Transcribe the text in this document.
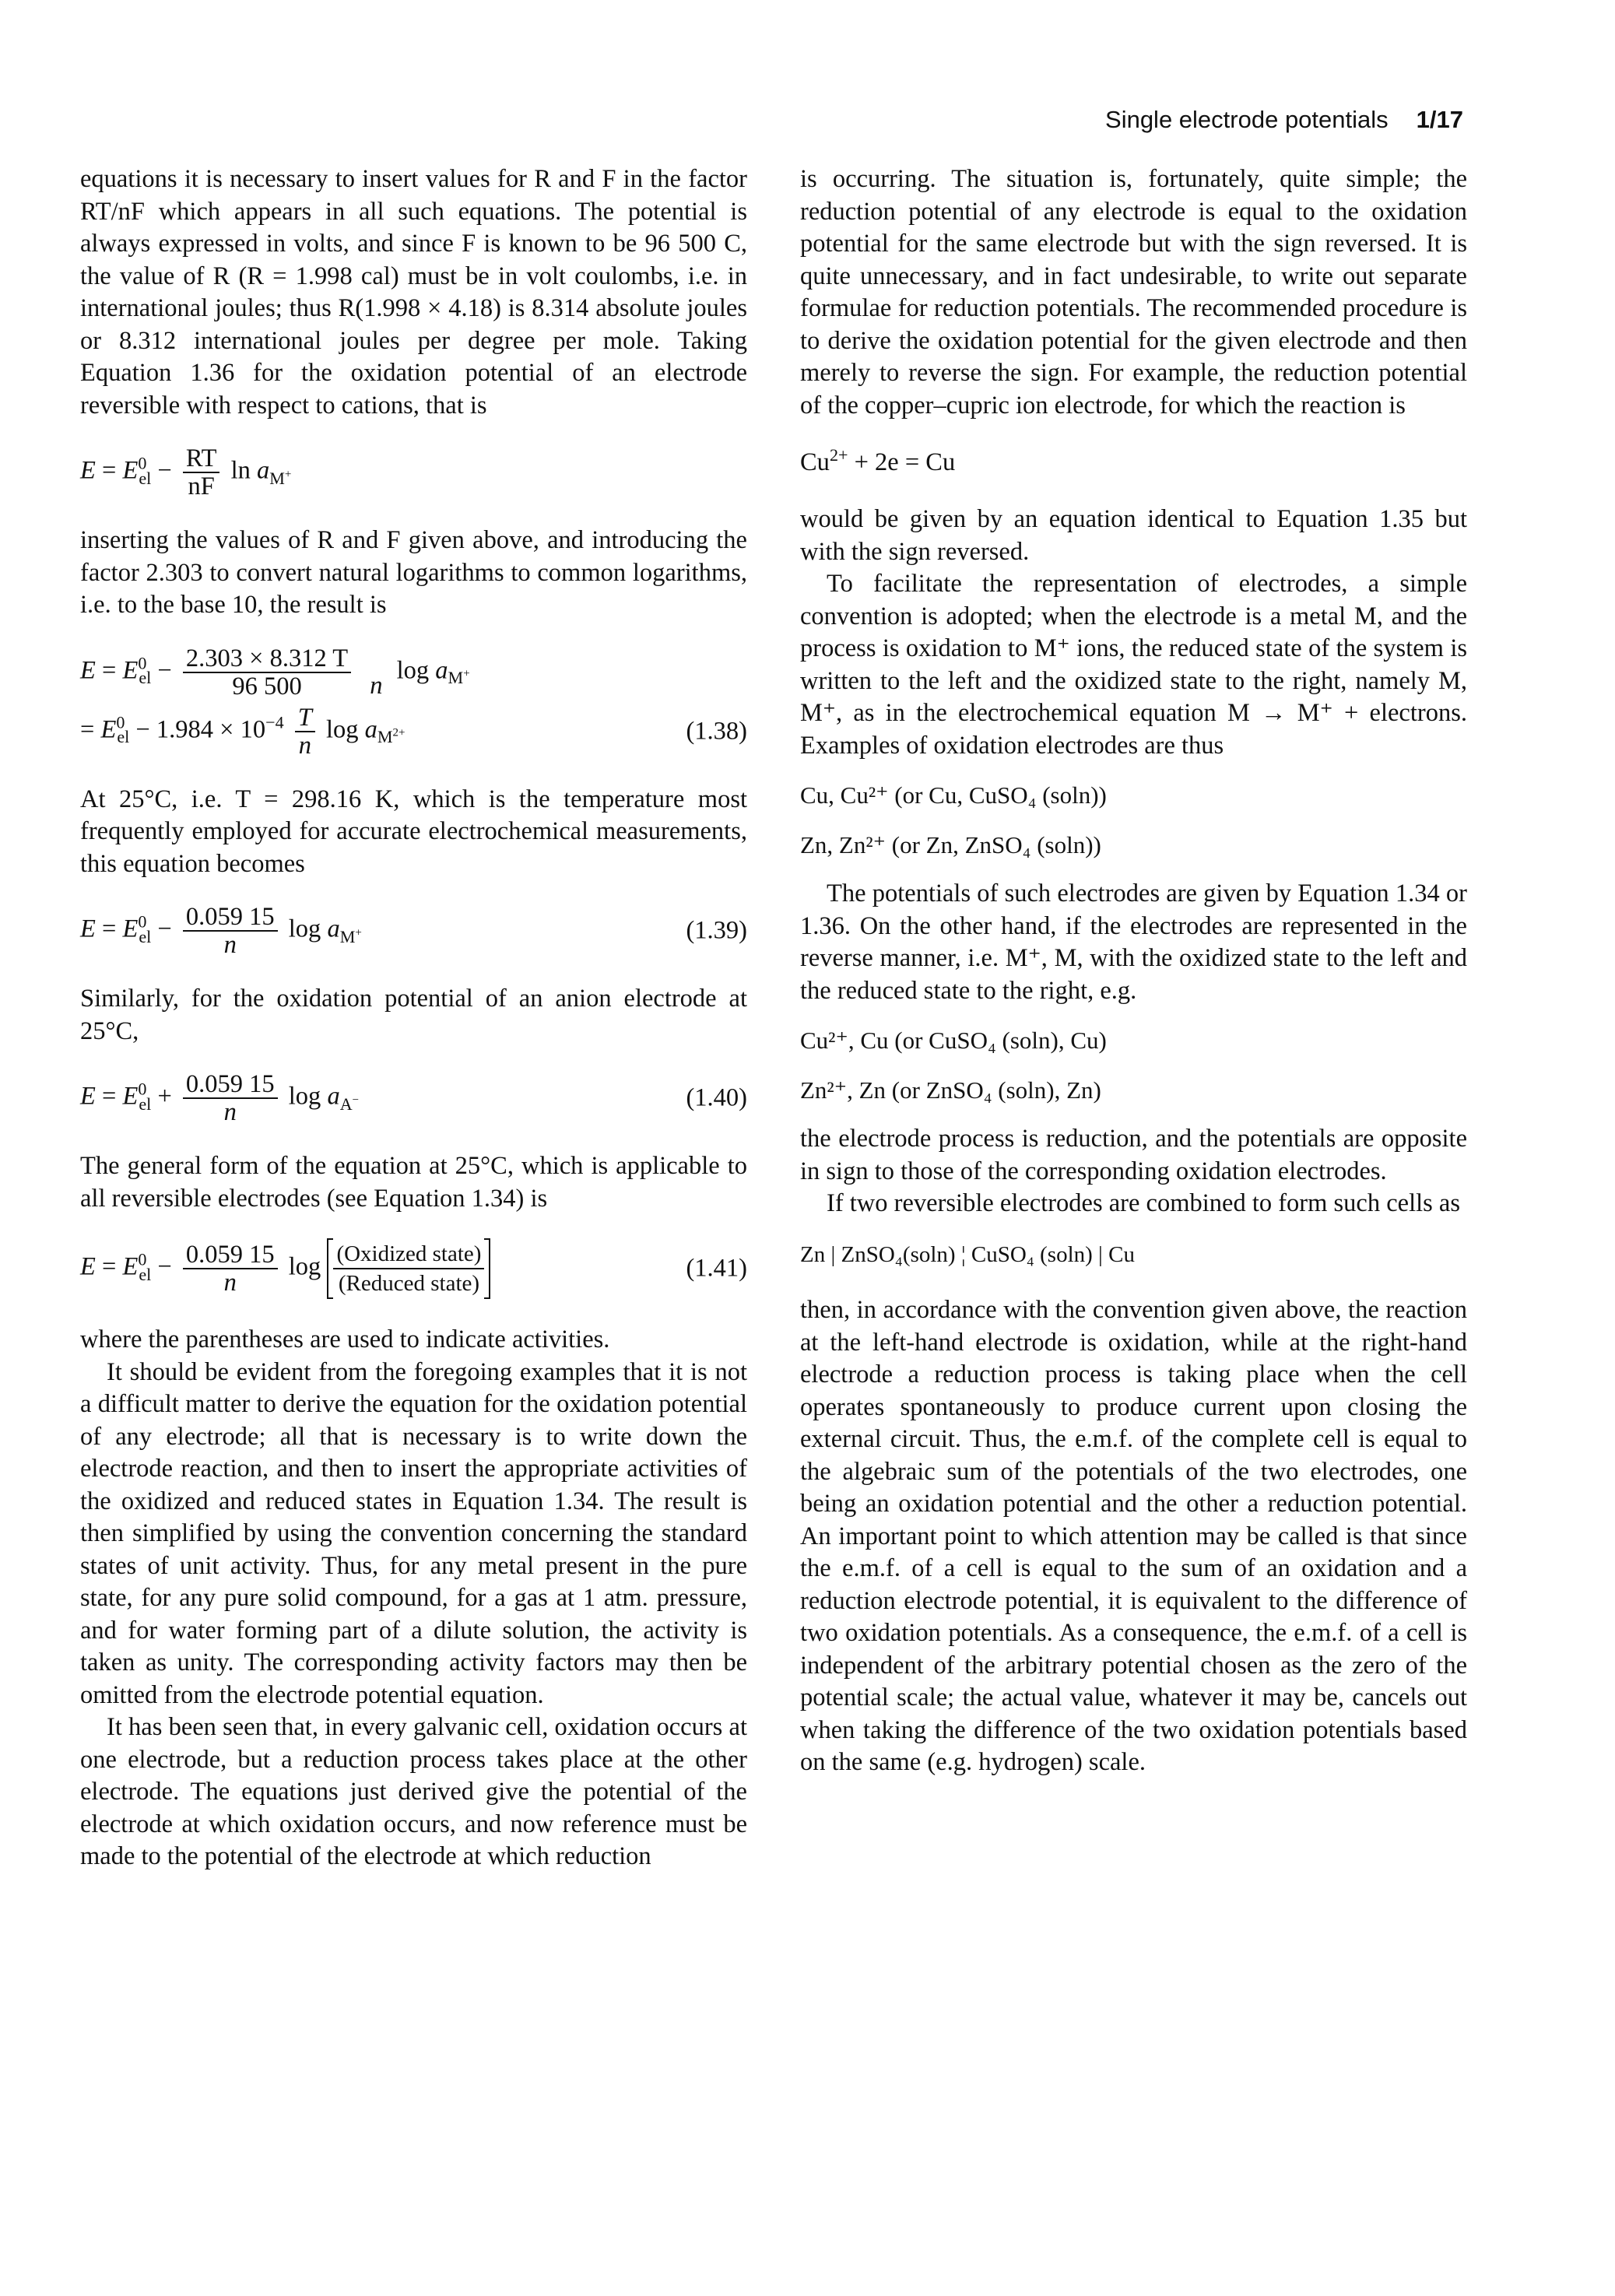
Single electrode potentials 1/17

equations it is necessary to insert values for R and F in the factor RT/nF which appears in all such equations. The potential is always expressed in volts, and since F is known to be 96 500 C, the value of R (R = 1.998 cal) must be in volt coulombs, i.e. in international joules; thus R(1.998 × 4.18) is 8.314 absolute joules or 8.312 international joules per degree per mole. Taking Equation 1.36 for the oxidation potential of an electrode reversible with respect to cations, that is

$E = E^0_{el} - \frac{RT}{nF}$ $\ln a_{M^+}$

inserting the values of R and F given above, and introducing the factor 2.303 to convert natural logarithms to common logarithms, i.e. to the base 10, the result is

$E = E^0_{el} - \frac{2.303 \times 8.312 T}{96 500}$

n
$\log a_{M^+}$
= $E^0_{el} - 1.984 \times 10^{-4} \frac{T}{n}$ $\log a_{M^{2+}}$	(1.38)

At 25°C, i.e. T = 298.16 K, which is the temperature most frequently employed for accurate electrochemical measurements, this equation becomes

$E = E^0_{el} - \frac{0.059 15}{n}$ $\log a_{M^+}$	(1.39)

Similarly, for the oxidation potential of an anion electrode at 25°C,

$E = E^0_{el} + \frac{0.059 15}{n}$ $\log a_{A^-}$	(1.40)

The general form of the equation at 25°C, which is applicable to all reversible electrodes (see Equation 1.34) is

$E = E^0_{el} - \frac{0.059 15}{n}$ $\log \frac{\text{(Oxidized state)}}{\text{(Reduced state)}}$	(1.41)

where the parentheses are used to indicate activities.

It should be evident from the foregoing examples that it is not a difficult matter to derive the equation for the oxidation potential of any electrode; all that is necessary is to write down the electrode reaction, and then to insert the appropriate activities of the oxidized and reduced states in Equation 1.34. The result is then simplified by using the convention concerning the standard states of unit activity. Thus, for any metal present in the pure state, for any pure solid compound, for a gas at 1 atm. pressure, and for water forming part of a dilute solution, the activity is taken as unity. The corresponding activity factors may then be omitted from the electrode potential equation.

It has been seen that, in every galvanic cell, oxidation occurs at one electrode, but a reduction process takes place at the other electrode. The equations just derived give the potential of the electrode at which oxidation occurs, and now reference must be made to the potential of the electrode at which reduction

is occurring. The situation is, fortunately, quite simple; the reduction potential of any electrode is equal to the oxidation potential for the same electrode but with the sign reversed. It is quite unnecessary, and in fact undesirable, to write out separate formulae for reduction potentials. The recommended procedure is to derive the oxidation potential for the given electrode and then merely to reverse the sign. For example, the reduction potential of the copper–cupric ion electrode, for which the reaction is

$Cu^{2+} + 2e = Cu$

would be given by an equation identical to Equation 1.35 but with the sign reversed.

To facilitate the representation of electrodes, a simple convention is adopted; when the electrode is a metal M, and the process is oxidation to M⁺ ions, the reduced state of the system is written to the left and the oxidized state to the right, namely M, M⁺, as in the electrochemical equation M → M⁺ + electrons. Examples of oxidation electrodes are thus

Cu, Cu²⁺ (or Cu, CuSO₄ (soln))
Zn, Zn²⁺ (or Zn, ZnSO₄ (soln))

The potentials of such electrodes are given by Equation 1.34 or 1.36. On the other hand, if the electrodes are represented in the reverse manner, i.e. M⁺, M, with the oxidized state to the left and the reduced state to the right, e.g.

Cu²⁺, Cu (or CuSO₄ (soln), Cu)
Zn²⁺, Zn (or ZnSO₄ (soln), Zn)

the electrode process is reduction, and the potentials are opposite in sign to those of the corresponding oxidation electrodes.

If two reversible electrodes are combined to form such cells as

Zn | ZnSO₄(soln) ¦ CuSO₄ (soln) | Cu

then, in accordance with the convention given above, the reaction at the left-hand electrode is oxidation, while at the right-hand electrode a reduction process is taking place when the cell operates spontaneously to produce current upon closing the external circuit. Thus, the e.m.f. of the complete cell is equal to the algebraic sum of the potentials of the two electrodes, one being an oxidation potential and the other a reduction potential. An important point to which attention may be called is that since the e.m.f. of a cell is equal to the sum of an oxidation and a reduction electrode potential, it is equivalent to the difference of two oxidation potentials. As a consequence, the e.m.f. of a cell is independent of the arbitrary potential chosen as the zero of the potential scale; the actual value, whatever it may be, cancels out when taking the difference of the two oxidation potentials based on the same (e.g. hydrogen) scale.
